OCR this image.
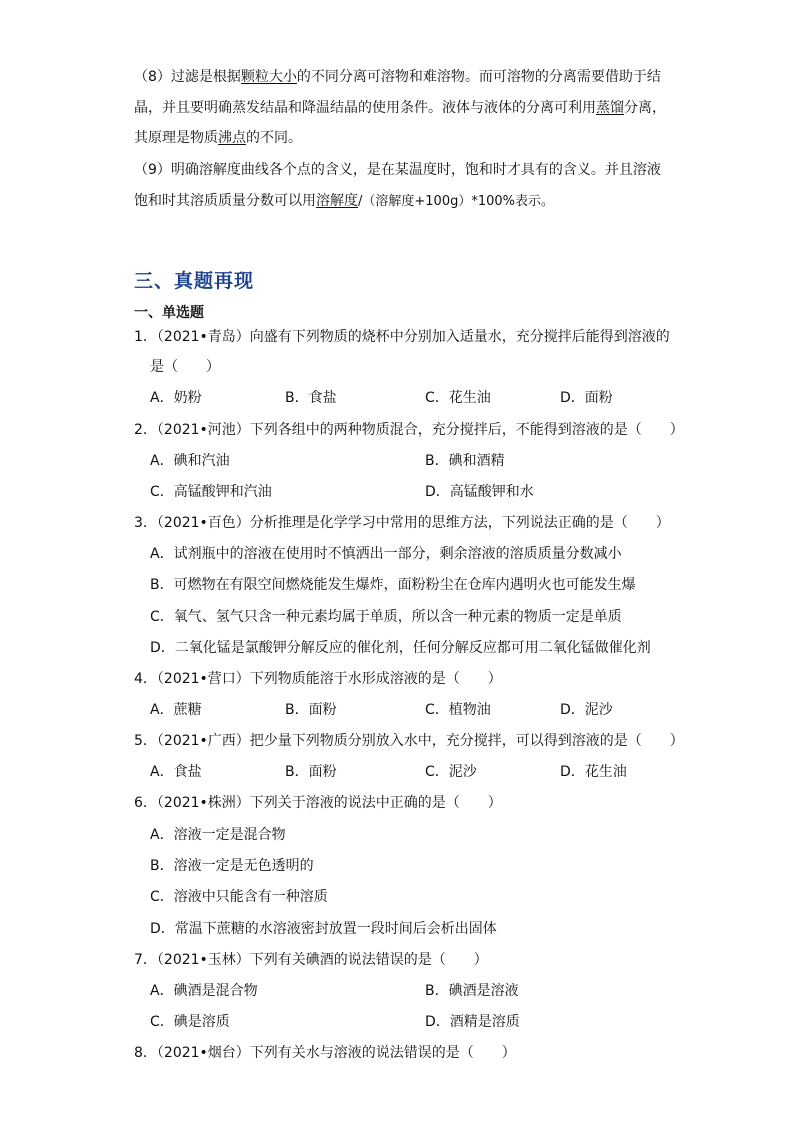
（8）过滤是根据颗粒大小的不同分离可溶物和难溶物。而可溶物的分离需要借助于结
晶，并且要明确蒸发结晶和降温结晶的使用条件。液体与液体的分离可利用蒸馏分离，
其原理是物质沸点的不同。
（9）明确溶解度曲线各个点的含义，是在某温度时，饱和时才具有的含义。并且溶液
饱和时其溶质质量分数可以用溶解度/（溶解度+100g）*100%表示。
三、真题再现
一、单选题
1．（2021•青岛）向盛有下列物质的烧杯中分别加入适量水，充分搅拌后能得到溶液的
是（　　）
A．奶粉	B．食盐	C．花生油	D．面粉
2．（2021•河池）下列各组中的两种物质混合，充分搅拌后，不能得到溶液的是（　　）
A．碘和汽油	B．碘和酒精
C．高锰酸钾和汽油	D．高锰酸钾和水
3．（2021•百色）分析推理是化学学习中常用的思维方法，下列说法正确的是（　　）
A．试剂瓶中的溶液在使用时不慎洒出一部分，剩余溶液的溶质质量分数减小
B．可燃物在有限空间燃烧能发生爆炸，面粉粉尘在仓库内遇明火也可能发生爆
C．氧气、氢气只含一种元素均属于单质，所以含一种元素的物质一定是单质
D．二氧化锰是氯酸钾分解反应的催化剂，任何分解反应都可用二氧化锰做催化剂
4．（2021•营口）下列物质能溶于水形成溶液的是（　　）
A．蔗糖	B．面粉	C．植物油	D．泥沙
5．（2021•广西）把少量下列物质分别放入水中，充分搅拌，可以得到溶液的是（　　）
A．食盐	B．面粉	C．泥沙	D．花生油
6．（2021•株洲）下列关于溶液的说法中正确的是（　　）
A．溶液一定是混合物
B．溶液一定是无色透明的
C．溶液中只能含有一种溶质
D．常温下蔗糖的水溶液密封放置一段时间后会析出固体
7．（2021•玉林）下列有关碘酒的说法错误的是（　　）
A．碘酒是混合物	B．碘酒是溶液
C．碘是溶质	D．酒精是溶质
8．（2021•烟台）下列有关水与溶液的说法错误的是（　　）
